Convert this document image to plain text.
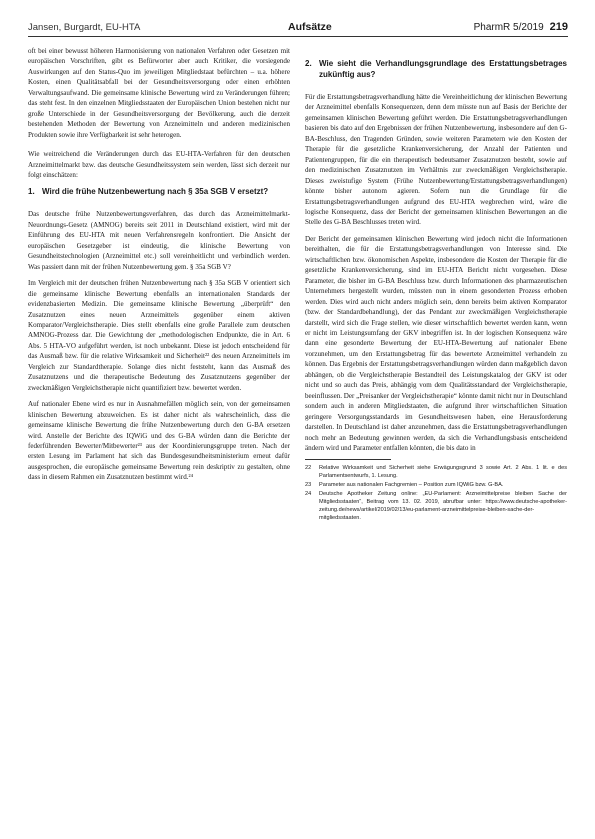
Jansen, Burgardt, EU-HTA	Aufsätze	PharmR 5/2019 219

oft bei einer bewusst höheren Harmonisierung von nationalen Verfahren oder Gesetzen mit europäischen Vorschriften, gibt es Befürworter aber auch Kritiker, die vorsiegende Auswirkungen auf den Status-Quo im jeweiligen Mitgliedstaat befürchten – u.a. höhere Kosten, einen Qualitätsabfall bei der Gesundheitsversorgung oder einen erhöhten Verwaltungsaufwand. Die gemeinsame klinische Bewertung wird zu Veränderungen führen; das steht fest. In den einzelnen Mitgliedsstaaten der Europäischen Union bestehen nicht nur große Unterschiede in der Gesundheitsversorgung der Bevölkerung, auch die derzeit bestehenden Methoden der Bewertung von Arzneimitteln und anderen medizinischen Produkten sowie ihre Verfügbarkeit ist sehr heterogen.

Wie weitreichend die Veränderungen durch das EU-HTA-Verfahren für den deutschen Arzneimittelmarkt bzw. das deutsche Gesundheitssystem sein werden, lässt sich derzeit nur folgt einschätzen:

1. Wird die frühe Nutzenbewertung nach § 35a SGB V ersetzt?

Das deutsche frühe Nutzenbewertungsverfahren, das durch das Arzneimittelmarkt-Neuordnungs-Gesetz (AMNOG) bereits seit 2011 in Deutschland existiert, wird mit der Einführung des EU-HTA mit neuen Verfahrensregeln konfrontiert. Die Ansicht der europäischen Gesetzgeber ist eindeutig, die klinische Bewertung von Gesundheitstechnologien (Arzneimittel etc.) soll vereinheitlicht und verbindlich werden. Was passiert dann mit der frühen Nutzenbewertung gem. § 35a SGB V?

Im Vergleich mit der deutschen frühen Nutzenbewertung nach § 35a SGB V orientiert sich die gemeinsame klinische Bewertung ebenfalls an internationalen Standards der evidenzbasierten Medizin. Die gemeinsame klinische Bewertung „überprüft“ den Zusatznutzen eines neuen Arzneimittels gegenüber einem aktiven Komparator/Vergleichstherapie. Dies stellt ebenfalls eine große Parallele zum deutschen AMNOG-Prozess dar. Die Gewichtung der „methodologischen Endpunkte, die in Art. 6 Abs. 5 HTA-VO aufgeführt werden, ist noch unbekannt. Diese ist jedoch entscheidend für das Ausmaß bzw. für die relative Wirksamkeit und Sicherheit²² des neuen Arzneimittels im Vergleich zur Standardtherapie. Solange dies nicht feststeht, kann das Ausmaß des Zusatznutzens und die therapeutische Bedeutung des Zusatznutzens gegenüber der zweckmäßigen Vergleichstherapie nicht quantifiziert bzw. bewertet werden.

Auf nationaler Ebene wird es nur in Ausnahmefällen möglich sein, von der gemeinsamen klinischen Bewertung abzuweichen. Es ist daher nicht als wahrscheinlich, dass die gemeinsame klinische Bewertung die frühe Nutzenbewertung durch den G-BA ersetzen wird. Anstelle der Berichte des IQWiG und des G-BA würden dann die Berichte der federführenden Bewerter/Mitbewerter²³ aus der Koordinierungsgruppe treten. Nach der ersten Lesung im Parlament hat sich das Bundesgesundheitsministerium erneut dafür ausgesprochen, die europäische gemeinsame Bewertung rein deskriptiv zu gestalten, ohne dass in diesem Rahmen ein Zusatznutzen bestimmt wird.²⁴

2. Wie sieht die Verhandlungsgrundlage des Erstattungsbetrages zukünftig aus?

Für die Erstattungsbetragsverhandlung hätte die Vereinheitlichung der klinischen Bewertung der Arzneimittel ebenfalls Konsequenzen, denn dem müsste nun auf Basis der Berichte der gemeinsamen klinischen Bewertung geführt werden. Die Erstattungsbetragsverhandlungen basieren bis dato auf den Ergebnissen der frühen Nutzenbewertung, insbesondere auf den G-BA-Beschluss, den Tragenden Gründen, sowie weiteren Parametern wie den Kosten der Therapie für die gesetzliche Krankenversicherung, der Anzahl der Patienten und Patientengruppen, für die ein therapeutisch bedeutsamer Zusatznutzen besteht, sowie auf den medizinischen Zusatznutzen im Verhältnis zur zweckmäßigen Vergleichstherapie. Dieses zweistufige System (Frühe Nutzenbewertung/Erstattungsbetragsverhandlungen) könnte bisher autonom agieren. Sofern nun die Grundlage für die Erstattungsbetragsverhandlungen aufgrund des EU-HTA wegbrechen wird, wäre die logische Konsequenz, dass der Bericht der gemeinsamen klinischen Bewertungen an die Stelle des G-BA Beschlusses treten wird.

Der Bericht der gemeinsamen klinischen Bewertung wird jedoch nicht die Informationen bereithalten, die für die Erstattungsbetragsverhandlungen von Interesse sind. Die wirtschaftlichen bzw. ökonomischen Aspekte, insbesondere die Kosten der Therapie für die gesetzliche Krankenversicherung, sind im EU-HTA Bericht nicht vorgesehen. Diese Parameter, die bisher im G-BA Beschluss bzw. durch Informationen des pharmazeutischen Unternehmers hergestellt wurden, müssten nun in einem gesonderten Prozess erhoben werden. Dies wird auch nicht anders möglich sein, denn bereits beim aktiven Komparator (bzw. der Standardbehandlung), der das Pendant zur zweckmäßigen Vergleichstherapie darstellt, wird sich die Frage stellen, wie dieser wirtschaftlich bewertet werden kann, wenn er nicht im Leistungsumfang der GKV inbegriffen ist. In der logischen Konsequenz wäre dann eine gesonderte Bewertung der EU-HTA-Bewertung auf nationaler Ebene vorzunehmen, um den Erstattungsbetrag für das bewertete Arzneimittel verhandeln zu können. Das Ergebnis der Erstattungsbetragsverhandlungen würden dann maßgeblich davon abhängen, ob die Vergleichstherapie Bestandteil des Leistungskatalog der GKV ist oder nicht und so auch das Preis, abhängig vom dem Qualitätsstandard der Vergleichstherapie, beeinflussen. Der „Preisanker der Vergleichstherapie“ könnte damit nicht nur in Deutschland sondern auch in anderen Mitgliedstaaten, die aufgrund ihrer wirtschaftlichen Situation geringere Versorgungsstandards im Gesundheitswesen haben, eine Herausforderung darstellen. In Deutschland ist daher anzunehmen, dass die Erstattungsbetragsverhandlungen noch mehr an Bedeutung gewinnen werden, da sich die Verhandlungsbasis entscheidend ändern wird und Parameter entfallen könnten, die bis dato in

22	Relative Wirksamkeit und Sicherheit siehe Erwägungsgrund 3 sowie Art. 2 Abs. 1 lit. e des Parlamentsentwurfs, 1. Lesung.
23	Parameter aus nationalen Fachgremien – Position zum IQWiG bzw. G-BA.
24	Deutsche Apotheker Zeitung online: „EU-Parlament: Arzneimittelpreise bleiben Sache der Mitgliedsstaaten“, Beitrag vom 13. 02. 2019, abrufbar unter: https://www.deutsche-apotheker-zeitung.de/news/artikel/2019/02/13/eu-parlament-arzneimittelpreise-bleiben-sache-der-mitgliedsstaaten.
